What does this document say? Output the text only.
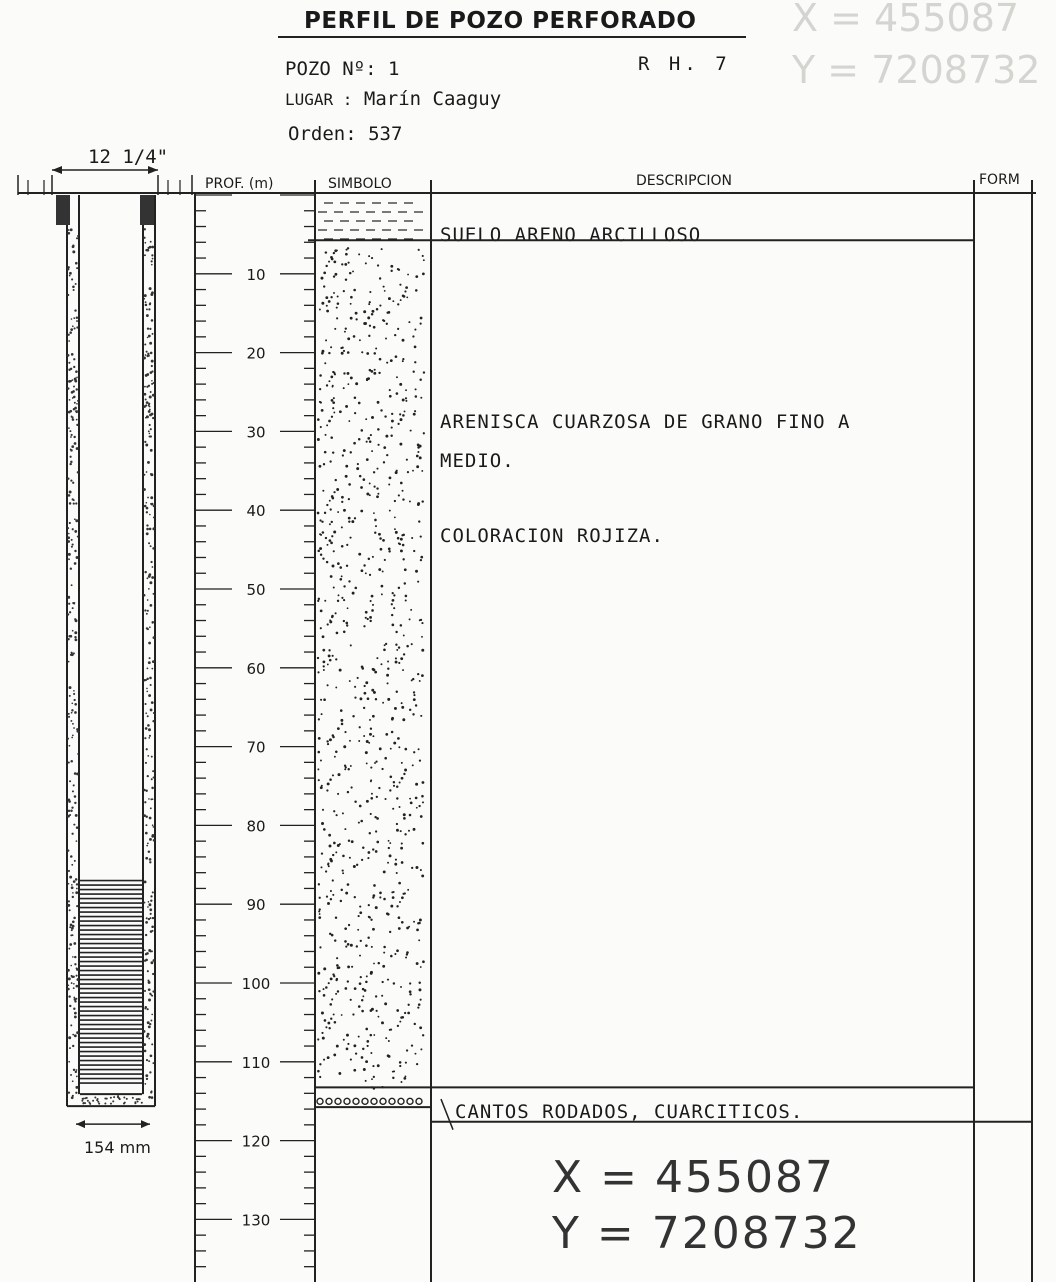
PERFIL DE POZO PERFORADO
POZO Nº: 1	R H. 7
LUGAR : Marín Caaguy
Orden: 537
12 1/4"
PROF. (m)	SIMBOLO	DESCRIPCION	FORM
SUELO ARENO ARCILLOSO
ARENISCA CUARZOSA DE GRANO FINO A
MEDIO.
COLORACION ROJIZA.
CANTOS RODADOS, CUARCITICOS.
154 mm
X = 455087
Y = 7208732
X = 455087
Y = 7208732
10
20
30
40
50
60
70
80
90
100
110
120
130
